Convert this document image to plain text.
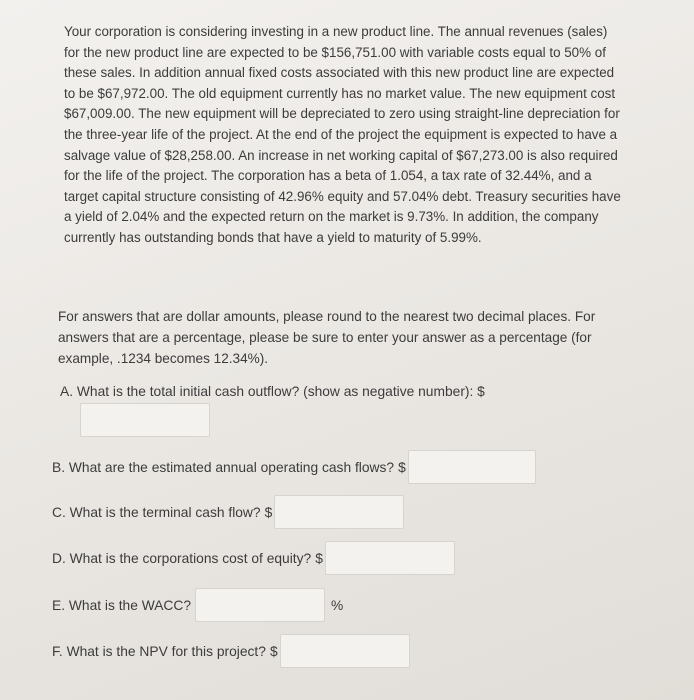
Your corporation is considering investing in a new product line. The annual revenues (sales) for the new product line are expected to be $156,751.00 with variable costs equal to 50% of these sales. In addition annual fixed costs associated with this new product line are expected to be $67,972.00. The old equipment currently has no market value. The new equipment cost $67,009.00. The new equipment will be depreciated to zero using straight-line depreciation for the three-year life of the project. At the end of the project the equipment is expected to have a salvage value of $28,258.00. An increase in net working capital of $67,273.00 is also required for the life of the project. The corporation has a beta of 1.054, a tax rate of 32.44%, and a target capital structure consisting of 42.96% equity and 57.04% debt. Treasury securities have a yield of 2.04% and the expected return on the market is 9.73%. In addition, the company currently has outstanding bonds that have a yield to maturity of 5.99%.

For answers that are dollar amounts, please round to the nearest two decimal places. For answers that are a percentage, please be sure to enter your answer as a percentage (for example, .1234 becomes 12.34%).

A. What is the total initial cash outflow? (show as negative number): $
B. What are the estimated annual operating cash flows? $
C. What is the terminal cash flow? $
D. What is the corporations cost of equity? $
E. What is the WACC?	%
F. What is the NPV for this project? $
